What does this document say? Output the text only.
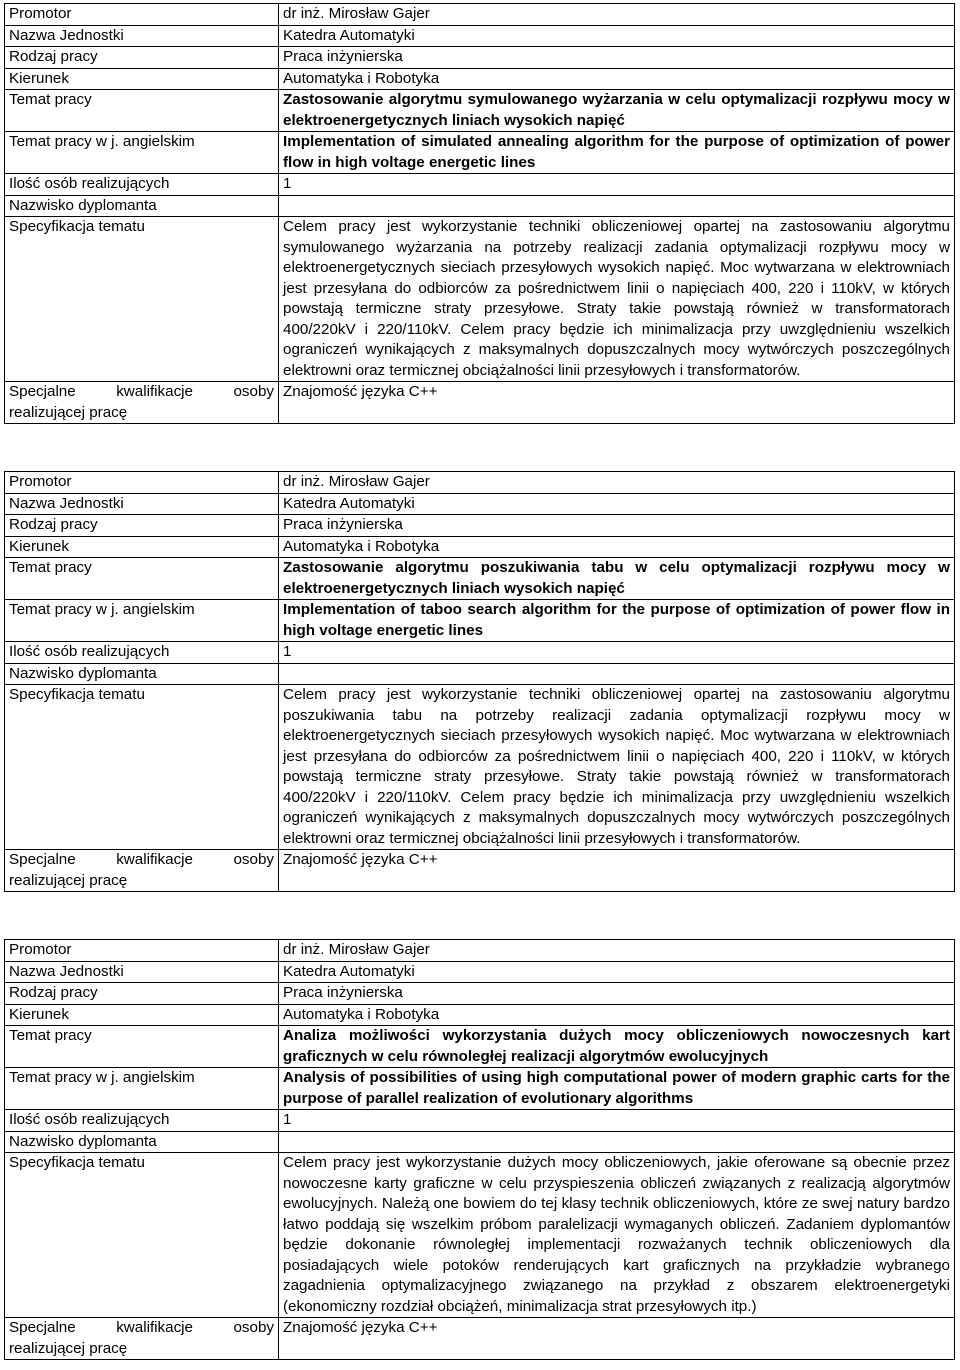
Promotor	dr inż. Mirosław Gajer
Nazwa Jednostki	Katedra Automatyki
Rodzaj pracy	Praca inżynierska
Kierunek	Automatyka i Robotyka
Temat pracy	Zastosowanie algorytmu symulowanego wyżarzania w celu optymalizacji rozpływu mocy w elektroenergetycznych liniach wysokich napięć
Temat pracy w j. angielskim	Implementation of simulated annealing algorithm for the purpose of optimization of power flow in high voltage energetic lines
Ilość osób realizujących	1
Nazwisko dyplomanta	
Specyfikacja tematu	Celem pracy jest wykorzystanie techniki obliczeniowej opartej na zastosowaniu algorytmu symulowanego wyżarzania na potrzeby realizacji zadania optymalizacji rozpływu mocy w elektroenergetycznych sieciach przesyłowych wysokich napięć. Moc wytwarzana w elektrowniach jest przesyłana do odbiorców za pośrednictwem linii o napięciach 400, 220 i 110kV, w których powstają termiczne straty przesyłowe. Straty takie powstają również w transformatorach 400/220kV i 220/110kV. Celem pracy będzie ich minimalizacja przy uwzględnieniu wszelkich ograniczeń wynikających z maksymalnych dopuszczalnych mocy wytwórczych poszczególnych elektrowni oraz termicznej obciążalności linii przesyłowych i transformatorów.

Specjalne kwalifikacje osoby
realizującej pracę	Znajomość języka C++
Promotor	dr inż. Mirosław Gajer
Nazwa Jednostki	Katedra Automatyki
Rodzaj pracy	Praca inżynierska
Kierunek	Automatyka i Robotyka
Temat pracy	Zastosowanie algorytmu poszukiwania tabu w celu optymalizacji rozpływu mocy w elektroenergetycznych liniach wysokich napięć
Temat pracy w j. angielskim	Implementation of taboo search algorithm for the purpose of optimization of power flow in high voltage energetic lines
Ilość osób realizujących	1
Nazwisko dyplomanta	
Specyfikacja tematu	Celem pracy jest wykorzystanie techniki obliczeniowej opartej na zastosowaniu algorytmu poszukiwania tabu na potrzeby realizacji zadania optymalizacji rozpływu mocy w elektroenergetycznych sieciach przesyłowych wysokich napięć. Moc wytwarzana w elektrowniach jest przesyłana do odbiorców za pośrednictwem linii o napięciach 400, 220 i 110kV, w których powstają termiczne straty przesyłowe. Straty takie powstają również w transformatorach 400/220kV i 220/110kV. Celem pracy będzie ich minimalizacja przy uwzględnieniu wszelkich ograniczeń wynikających z maksymalnych dopuszczalnych mocy wytwórczych poszczególnych elektrowni oraz termicznej obciążalności linii przesyłowych i transformatorów.

Specjalne kwalifikacje osoby
realizującej pracę	Znajomość języka C++
Promotor	dr inż. Mirosław Gajer
Nazwa Jednostki	Katedra Automatyki
Rodzaj pracy	Praca inżynierska
Kierunek	Automatyka i Robotyka
Temat pracy	Analiza możliwości wykorzystania dużych mocy obliczeniowych nowoczesnych kart graficznych w celu równoległej realizacji algorytmów ewolucyjnych
Temat pracy w j. angielskim	Analysis of possibilities of using high computational power of modern graphic carts for the purpose of parallel realization of evolutionary algorithms
Ilość osób realizujących	1
Nazwisko dyplomanta	
Specyfikacja tematu	Celem pracy jest wykorzystanie dużych mocy obliczeniowych, jakie oferowane są obecnie przez nowoczesne karty graficzne w celu przyspieszenia obliczeń związanych z realizacją algorytmów ewolucyjnych. Należą one bowiem do tej klasy technik obliczeniowych, które ze swej natury bardzo łatwo poddają się wszelkim próbom paralelizacji wymaganych obliczeń. Zadaniem dyplomantów będzie dokonanie równoległej implementacji rozważanych technik obliczeniowych dla posiadających wiele potoków renderujących kart graficznych na przykładzie wybranego zagadnienia optymalizacyjnego związanego na przykład z obszarem elektroenergetyki (ekonomiczny rozdział obciążeń, minimalizacja strat przesyłowych itp.)

Specjalne kwalifikacje osoby
realizującej pracę	Znajomość języka C++
